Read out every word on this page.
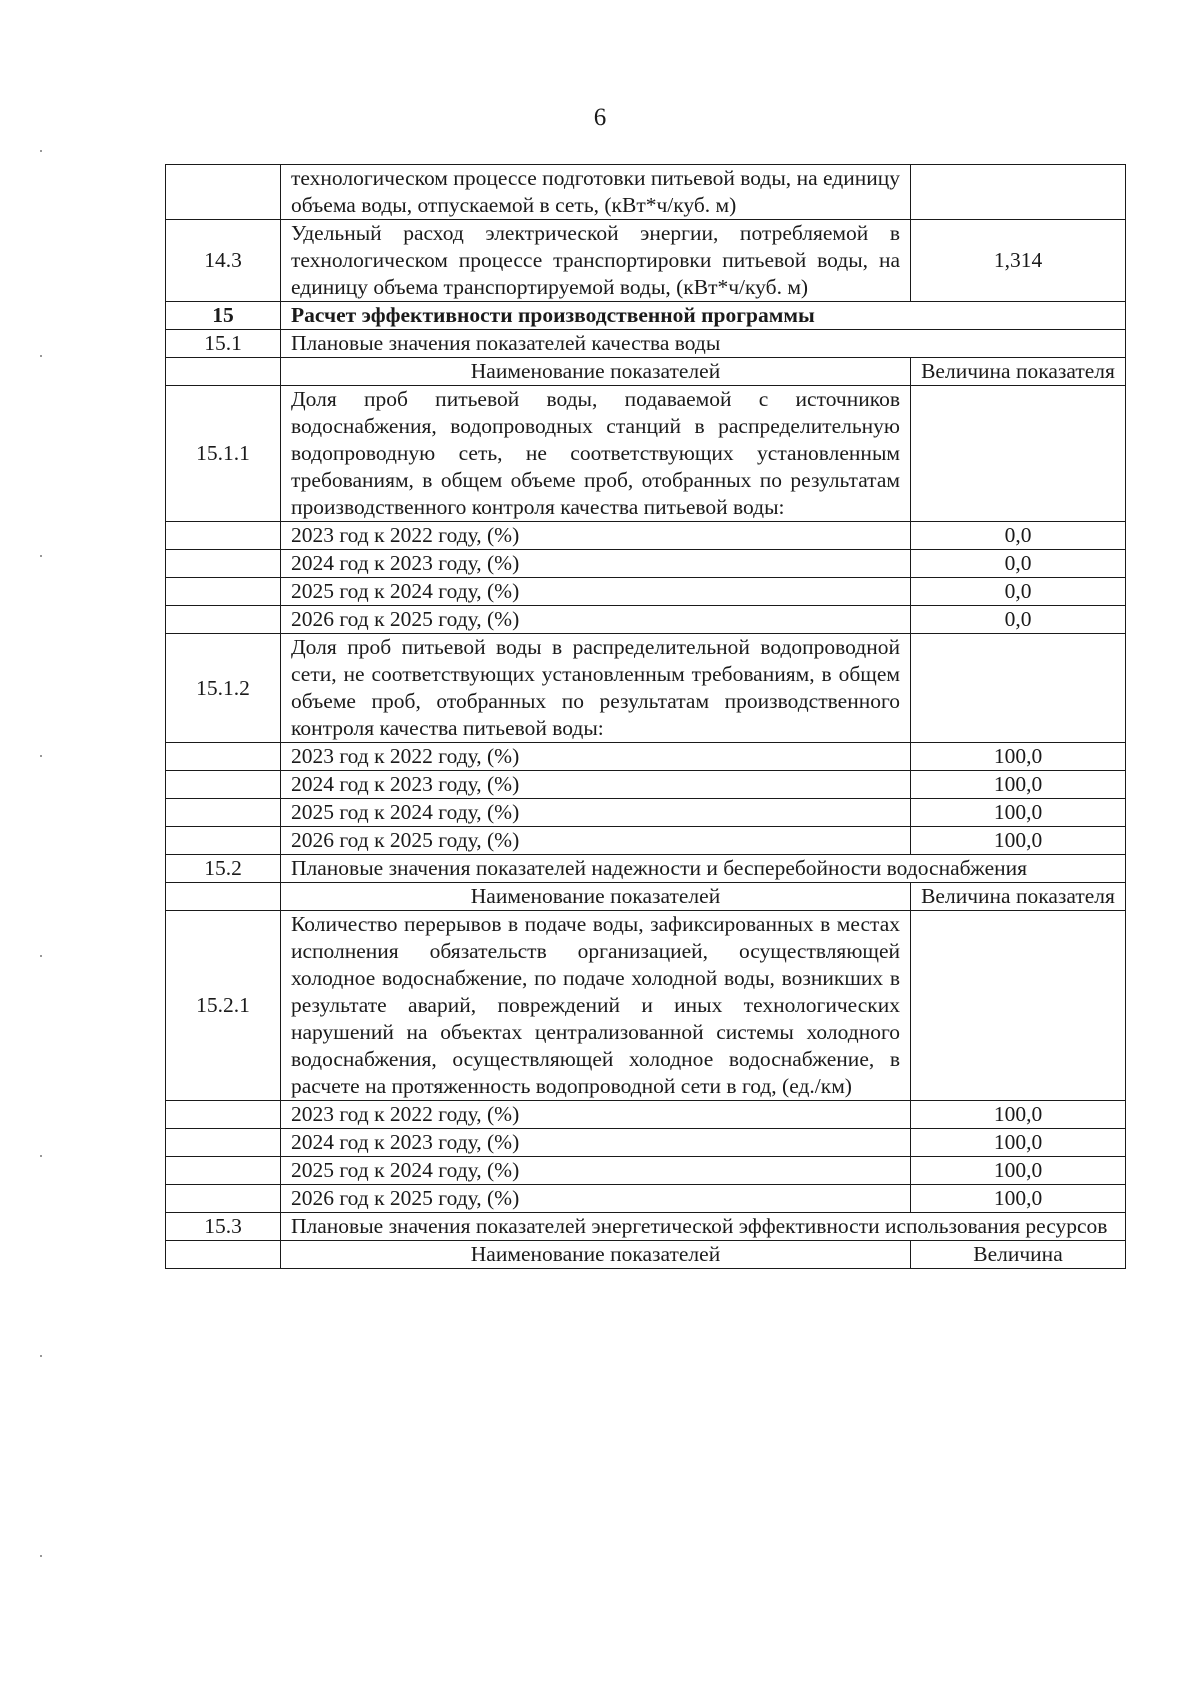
6
	технологическом процессе подготовки питьевой воды, на единицу объема воды, отпускаемой в сеть, (кВт*ч/куб. м)	
14.3	Удельный расход электрической энергии, потребляемой в технологическом процессе транспортировки питьевой воды, на единицу объема транспортируемой воды, (кВт*ч/куб. м)	1,314
15	Расчет эффективности производственной программы	
15.1	Плановые значения показателей качества воды	
	Наименование показателей	Величина показателя
15.1.1	Доля проб питьевой воды, подаваемой с источников водоснабжения, водопроводных станций в распределительную водопроводную сеть, не соответствующих установленным требованиям, в общем объеме проб, отобранных по результатам производственного контроля качества питьевой воды:	
	2023 год к 2022 году, (%)	0,0
	2024 год к 2023 году, (%)	0,0
	2025 год к 2024 году, (%)	0,0
	2026 год к 2025 году, (%)	0,0
15.1.2	Доля проб питьевой воды в распределительной водопроводной сети, не соответствующих установленным требованиям, в общем объеме проб, отобранных по результатам производственного контроля качества питьевой воды:	
	2023 год к 2022 году, (%)	100,0
	2024 год к 2023 году, (%)	100,0
	2025 год к 2024 году, (%)	100,0
	2026 год к 2025 году, (%)	100,0
15.2	Плановые значения показателей надежности и бесперебойности водоснабжения	
	Наименование показателей	Величина показателя
15.2.1	Количество перерывов в подаче воды, зафиксированных в местах исполнения обязательств организацией, осуществляющей холодное водоснабжение, по подаче холодной воды, возникших в результате аварий, повреждений и иных технологических нарушений на объектах централизованной системы холодного водоснабжения, осуществляющей холодное водоснабжение, в расчете на протяженность водопроводной сети в год, (ед./км)	
	2023 год к 2022 году, (%)	100,0
	2024 год к 2023 году, (%)	100,0
	2025 год к 2024 году, (%)	100,0
	2026 год к 2025 году, (%)	100,0
15.3	Плановые значения показателей энергетической эффективности использования ресурсов	
	Наименование показателей	Величина
